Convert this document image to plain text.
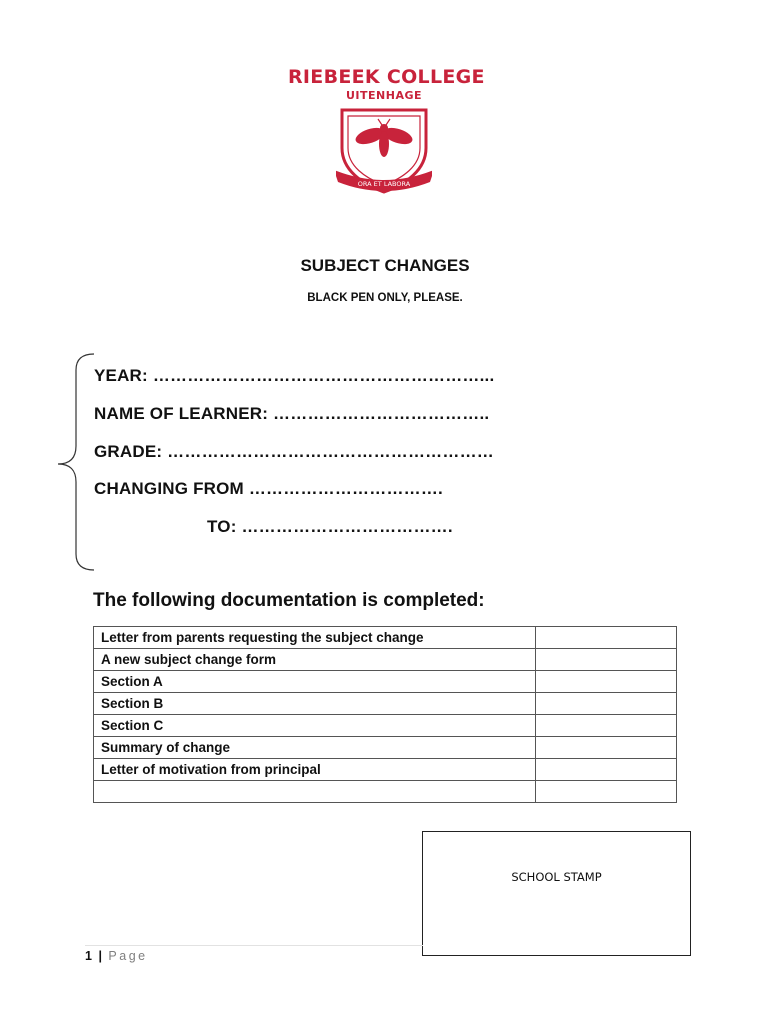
RIEBEEK COLLEGE
UITENHAGE
ORA ET LABORA
SUBJECT CHANGES
BLACK PEN ONLY, PLEASE.
YEAR: …………………………………………………...
NAME OF LEARNER: ………………………………..
GRADE: …………………………………………………
CHANGING FROM …………………………….
TO: ……………………………….
The following documentation is completed:
Letter from parents requesting the subject change	
A new subject change form	
Section A	
Section B	
Section C	
Summary of change	
Letter of motivation from principal	

SCHOOL STAMP
1 | Page
